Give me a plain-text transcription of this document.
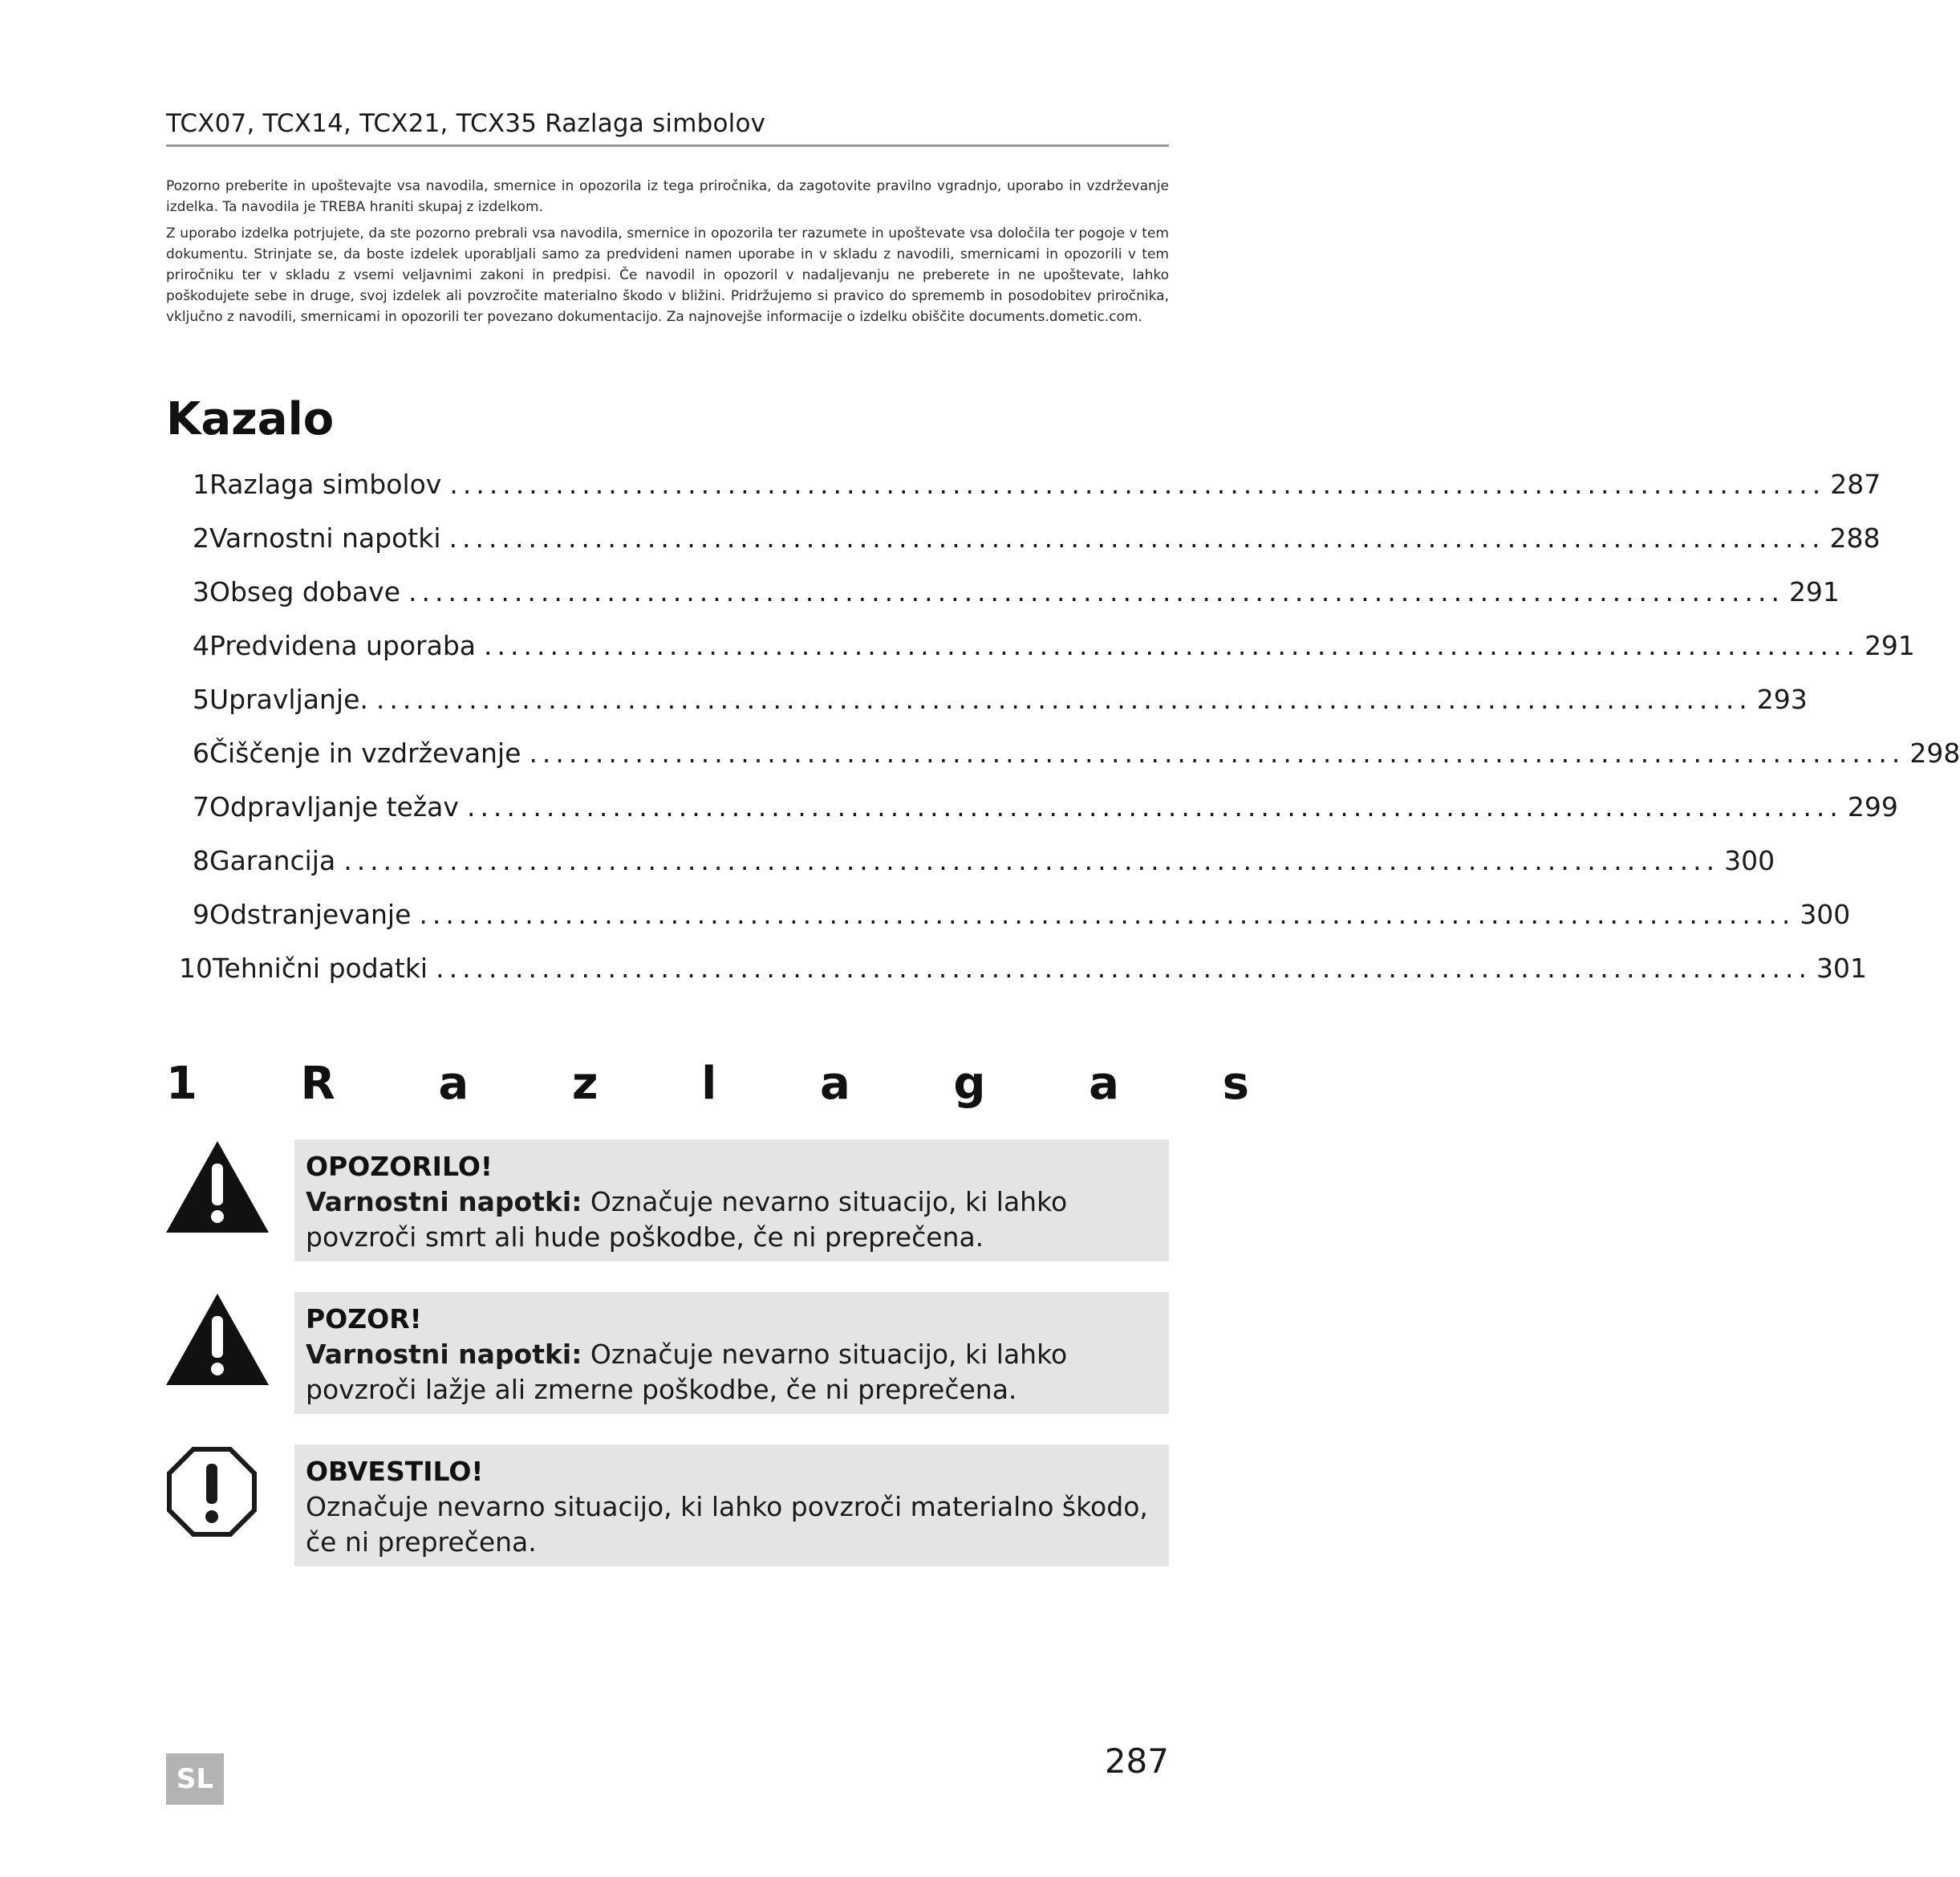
TCX07, TCX14, TCX21, TCX35 Razlaga simbolov

Pozorno preberite in upoštevajte vsa navodila, smernice in opozorila iz tega priročnika, da zagotovite pravilno vgradnjo, uporabo in vzdrževanje izdelka. Ta navodila je TREBA hraniti skupaj z izdelkom.

Z uporabo izdelka potrjujete, da ste pozorno prebrali vsa navodila, smernice in opozorila ter razumete in upoštevate vsa določila ter pogoje v tem dokumentu. Strinjate se, da boste izdelek uporabljali samo za predvideni namen uporabe in v skladu z navodili, smernicami in opozorili v tem priročniku ter v skladu z vsemi veljavnimi zakoni in predpisi. Če navodil in opozoril v nadaljevanju ne preberete in ne upoštevate, lahko poškodujete sebe in druge, svoj izdelek ali povzročite materialno škodo v bližini. Pridržujemo si pravico do sprememb in posodobitev priročnika, vključno z navodili, smernicami in opozorili ter povezano dokumentacijo. Za najnovejše informacije o izdelku obiščite documents.dometic.com.

Kazalo
1 Razlaga simbolov ........................................................................................................ 287
2 Varnostni napotki ........................................................................................................ 288
3 Obseg dobave ........................................................................................................ 291
4 Predvidena uporaba ........................................................................................................ 291
5 Upravljanje. ........................................................................................................ 293
6 Čiščenje in vzdrževanje ........................................................................................................ 298
7 Odpravljanje težav ........................................................................................................ 299
8 Garancija ........................................................................................................ 300
9 Odstranjevanje ........................................................................................................ 300
10 Tehnični podatki ........................................................................................................ 301
1 R a z l a g a s
OPOZORILO!
Varnostni napotki: Označuje nevarno situacijo, ki lahko povzroči smrt ali hude poškodbe, če ni preprečena.
POZOR!
Varnostni napotki: Označuje nevarno situacijo, ki lahko povzroči lažje ali zmerne poškodbe, če ni preprečena.
OBVESTILO!
Označuje nevarno situacijo, ki lahko povzroči materialno škodo, če ni preprečena.
SL	287
